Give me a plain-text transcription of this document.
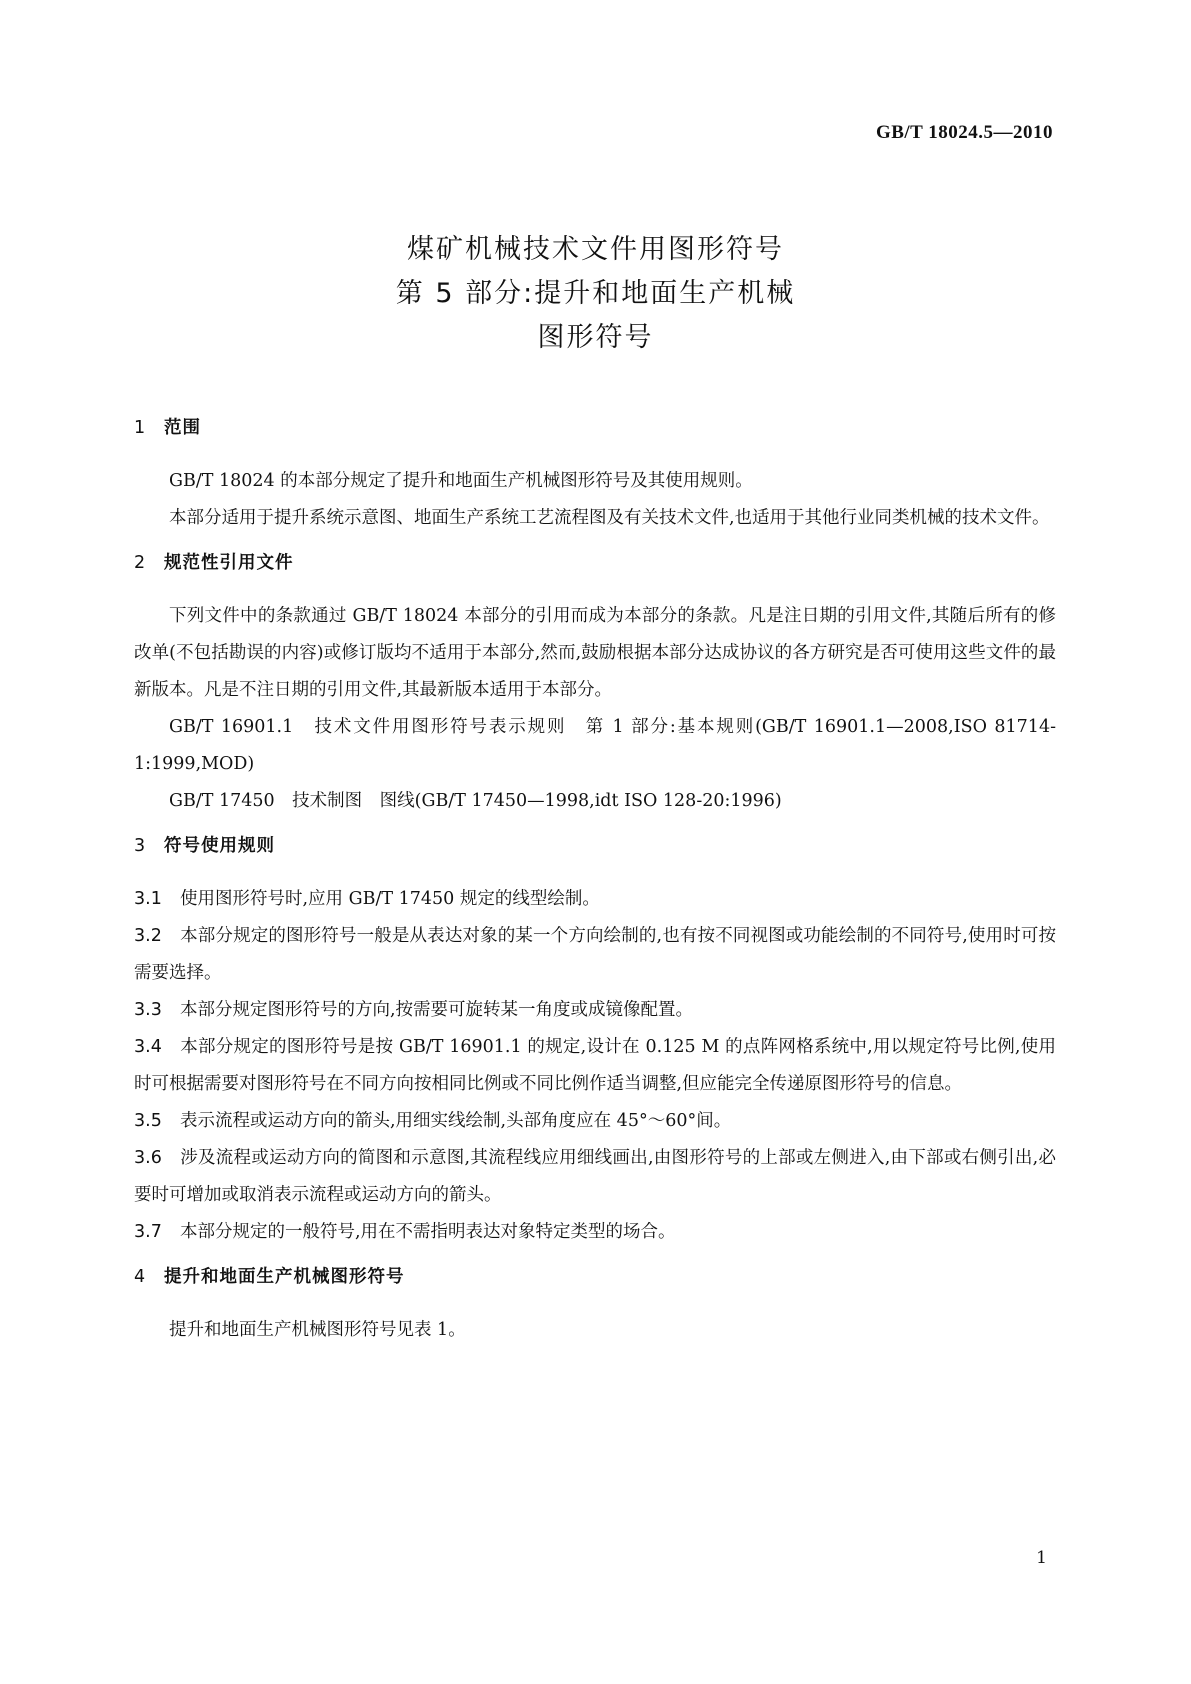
GB/T 18024.5—2010
煤矿机械技术文件用图形符号
第 5 部分:提升和地面生产机械
图形符号
1 范围

GB/T 18024 的本部分规定了提升和地面生产机械图形符号及其使用规则。

本部分适用于提升系统示意图、地面生产系统工艺流程图及有关技术文件,也适用于其他行业同类机械的技术文件。

2 规范性引用文件

下列文件中的条款通过 GB/T 18024 本部分的引用而成为本部分的条款。凡是注日期的引用文件,其随后所有的修改单(不包括勘误的内容)或修订版均不适用于本部分,然而,鼓励根据本部分达成协议的各方研究是否可使用这些文件的最新版本。凡是不注日期的引用文件,其最新版本适用于本部分。

GB/T 16901.1　技术文件用图形符号表示规则　第 1 部分:基本规则(GB/T 16901.1—2008,ISO 81714-1:1999,MOD)

GB/T 17450　技术制图　图线(GB/T 17450—1998,idt ISO 128-20:1996)

3 符号使用规则

3.1 使用图形符号时,应用 GB/T 17450 规定的线型绘制。

3.2 本部分规定的图形符号一般是从表达对象的某一个方向绘制的,也有按不同视图或功能绘制的不同符号,使用时可按需要选择。

3.3 本部分规定图形符号的方向,按需要可旋转某一角度或成镜像配置。

3.4 本部分规定的图形符号是按 GB/T 16901.1 的规定,设计在 0.125 M 的点阵网格系统中,用以规定符号比例,使用时可根据需要对图形符号在不同方向按相同比例或不同比例作适当调整,但应能完全传递原图形符号的信息。

3.5 表示流程或运动方向的箭头,用细实线绘制,头部角度应在 45°～60°间。

3.6 涉及流程或运动方向的简图和示意图,其流程线应用细线画出,由图形符号的上部或左侧进入,由下部或右侧引出,必要时可增加或取消表示流程或运动方向的箭头。

3.7 本部分规定的一般符号,用在不需指明表达对象特定类型的场合。

4 提升和地面生产机械图形符号

提升和地面生产机械图形符号见表 1。

1
